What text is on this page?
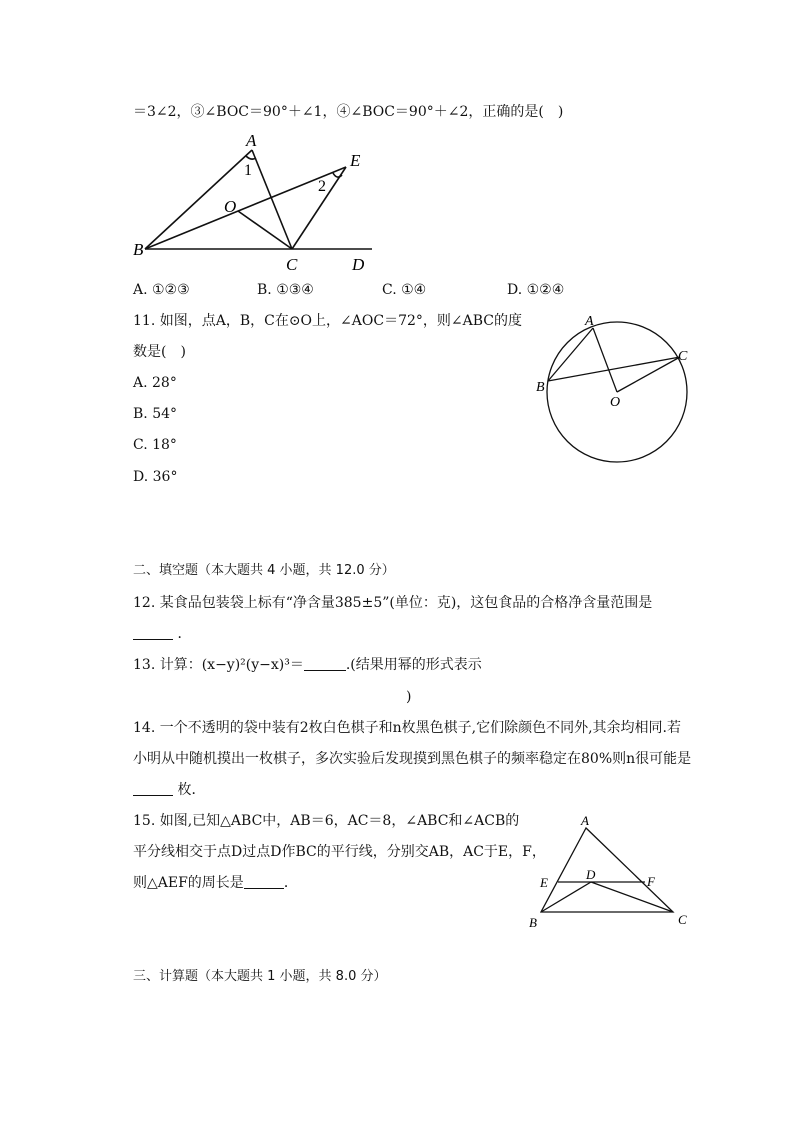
＝3∠2，③∠BOC＝90°＋∠1，④∠BOC＝90°＋∠2，正确的是(　)
A
B
C	D
E
O
1
2
A. ①②③	B. ①③④	C. ①④	D. ①②④
11. 如图，点A，B，C在⊙O上，∠AOC＝72°，则∠ABC的度
数是(　)
A. 28°
B. 54°
C. 18°
D. 36°
A
B
C
O
二、填空题（本大题共 4 小题，共 12.0 分）
12. 某食品包装袋上标有“净含量385±5”(单位：克)，这包食品的合格净含量范围是
．
13. 计算：(x−y)²(y−x)³＝	.(结果用幂的形式表示
)
14. 一个不透明的袋中装有2枚白色棋子和n枚黑色棋子,它们除颜色不同外,其余均相同.若
小明从中随机摸出一枚棋子，多次实验后发现摸到黑色棋子的频率稳定在80%则n很可能是
枚．
15. 如图,已知△ABC中，AB＝6，AC＝8，∠ABC和∠ACB的
平分线相交于点D过点D作BC的平行线，分别交AB，AC于E，F，
则△AEF的周长是	．
A
B	C
D
E	F
三、计算题（本大题共 1 小题，共 8.0 分）
